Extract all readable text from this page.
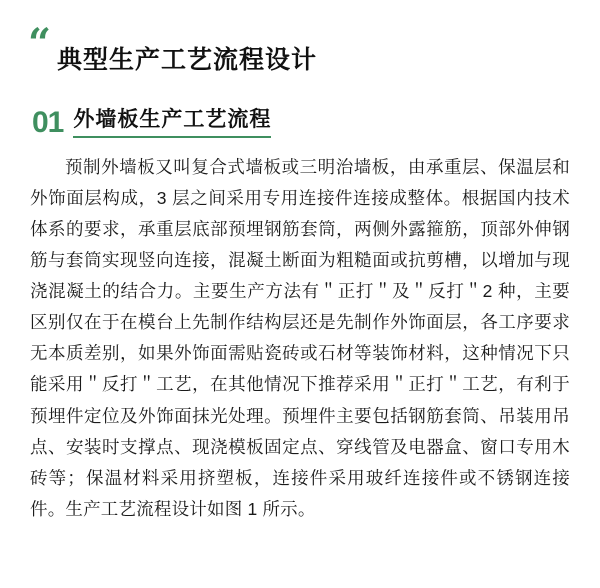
“ 典型生产工艺流程设计
01 外墙板生产工艺流程

预制外墙板又叫复合式墙板或三明治墙板，由承重层、保温层和外饰面层构成，3 层之间采用专用连接件连接成整体。根据国内技术体系的要求，承重层底部预埋钢筋套筒，两侧外露箍筋，顶部外伸钢筋与套筒实现竖向连接，混凝土断面为粗糙面或抗剪槽，以增加与现浇混凝土的结合力。主要生产方法有＂正打＂及＂反打＂2 种，主要区别仅在于在模台上先制作结构层还是先制作外饰面层，各工序要求无本质差别，如果外饰面需贴瓷砖或石材等装饰材料，这种情况下只能采用＂反打＂工艺，在其他情况下推荐采用＂正打＂工艺，有利于预埋件定位及外饰面抹光处理。预埋件主要包括钢筋套筒、吊装用吊点、安装时支撑点、现浇模板固定点、穿线管及电器盒、窗口专用木砖等；保温材料采用挤塑板，连接件采用玻纤连接件或不锈钢连接件。生产工艺流程设计如图 1 所示。
